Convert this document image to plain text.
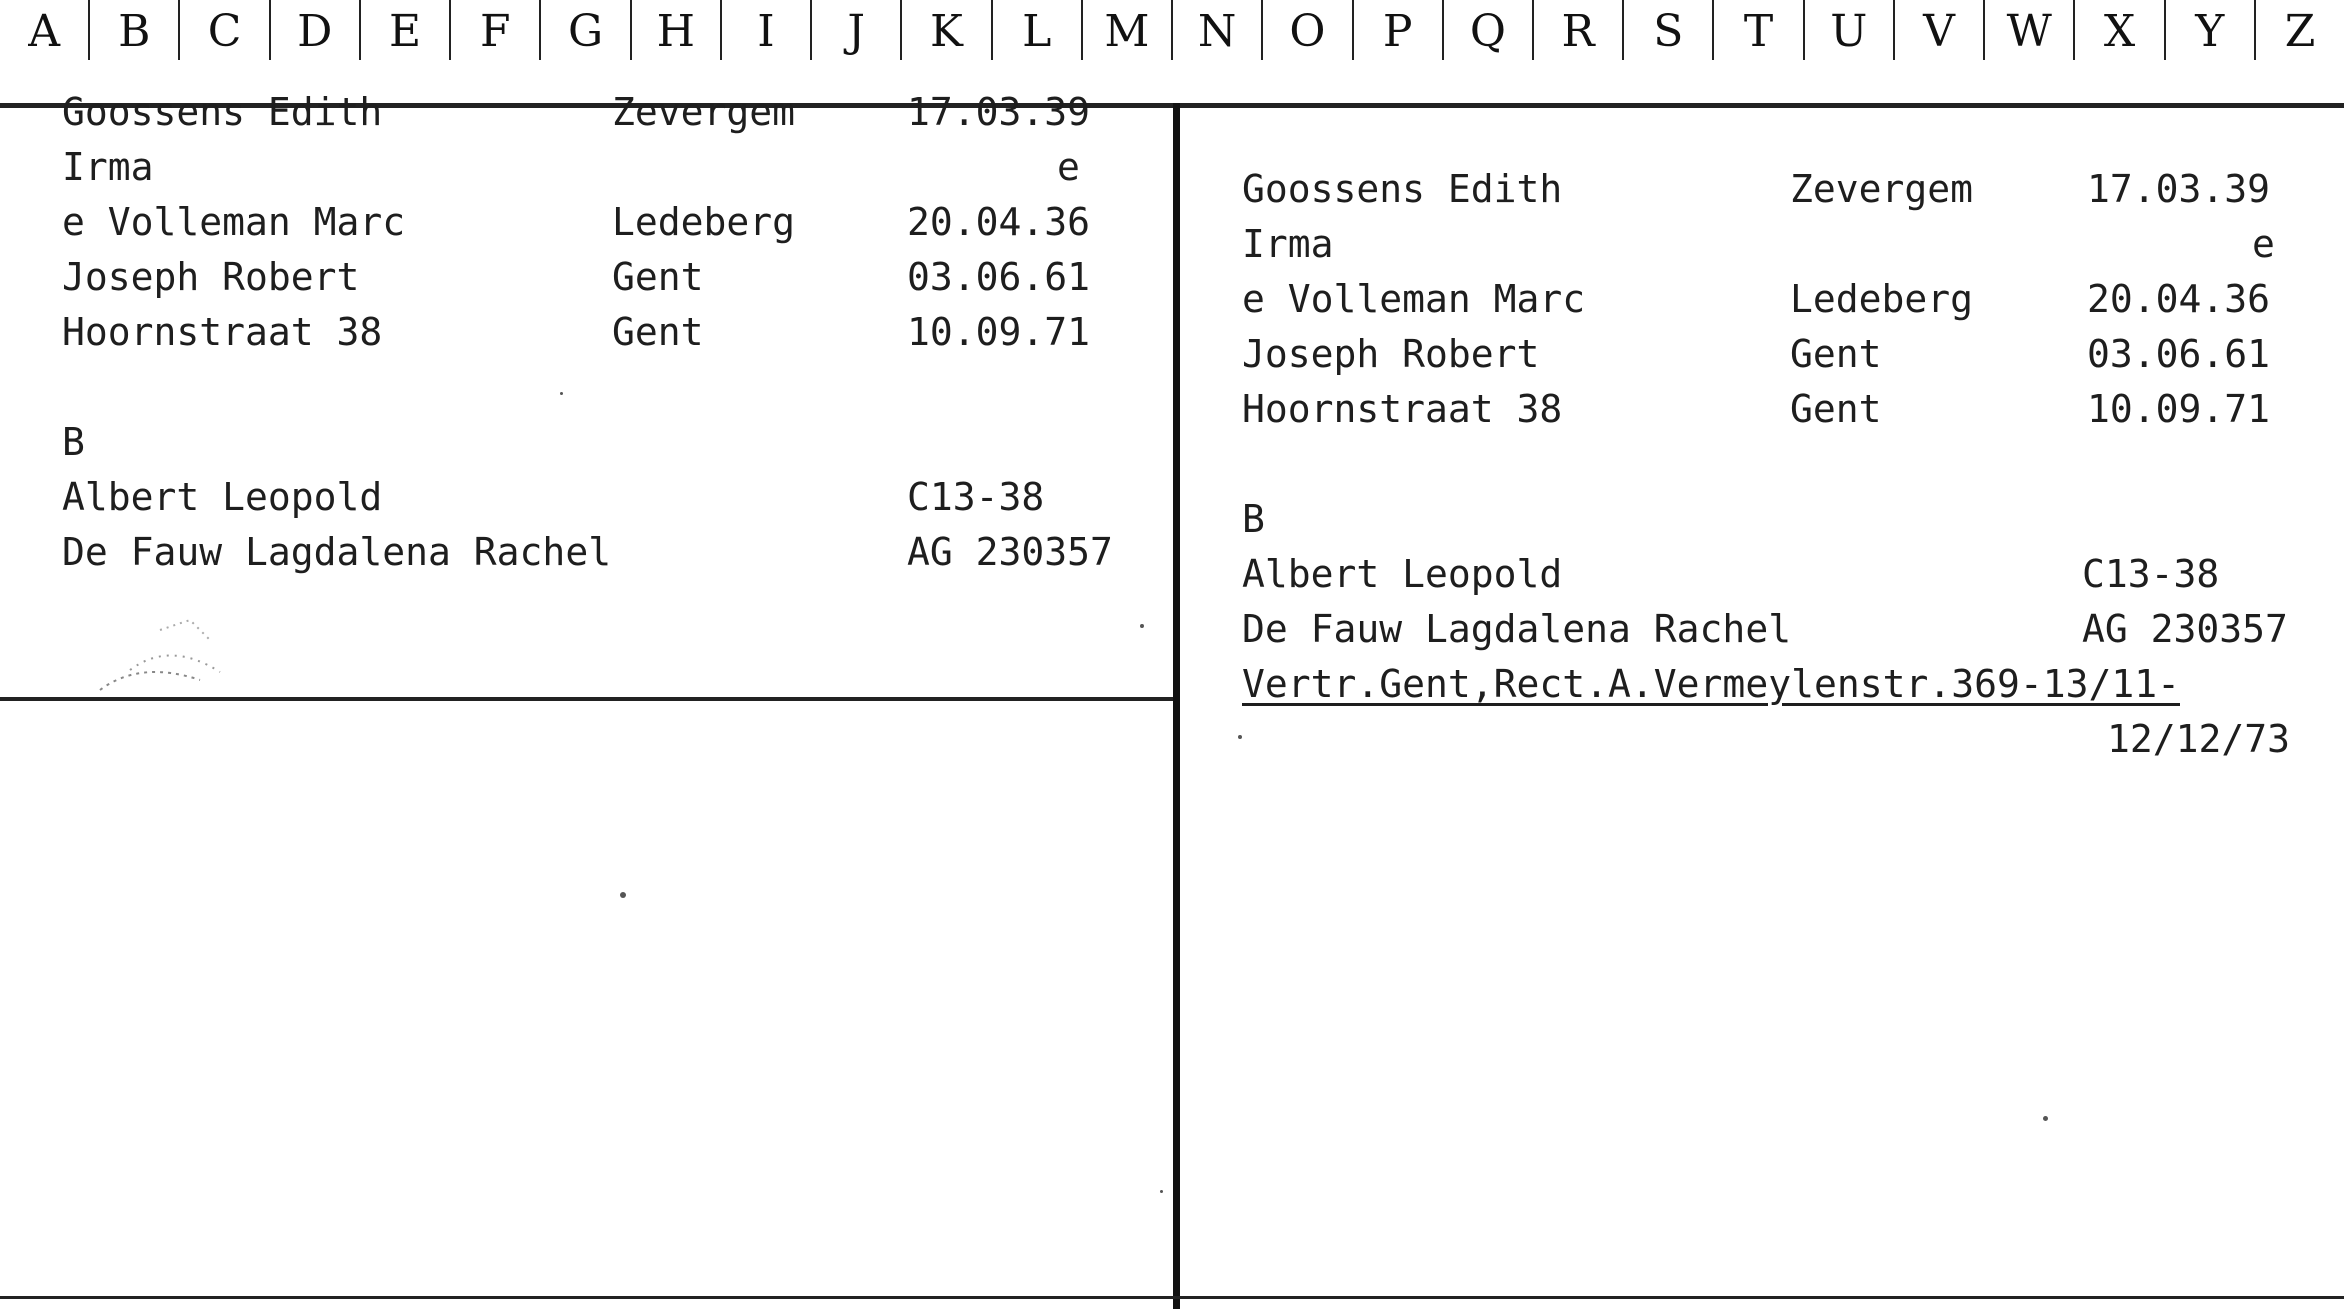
A	B	C	D	E	F	G	H	I	J	K	L	M	N	O	P	Q	R	S	T	U	V	W	X	Y	Z
Goossens Edith	Zevergem	17.03.39
Irma	e
e Volleman Marc	Ledeberg	20.04.36
Joseph Robert	Gent	03.06.61
Hoornstraat 38	Gent	10.09.71
B
Albert Leopold	C13-38
De Fauw Lagdalena Rachel	AG 230357
Goossens Edith	Zevergem	17.03.39
Irma	e
e Volleman Marc	Ledeberg	20.04.36
Joseph Robert	Gent	03.06.61
Hoornstraat 38	Gent	10.09.71
B
Albert Leopold	C13-38
De Fauw Lagdalena Rachel	AG 230357
Vertr.Gent,Rect.A.Vermeylenstr.369-13/11-
12/12/73
